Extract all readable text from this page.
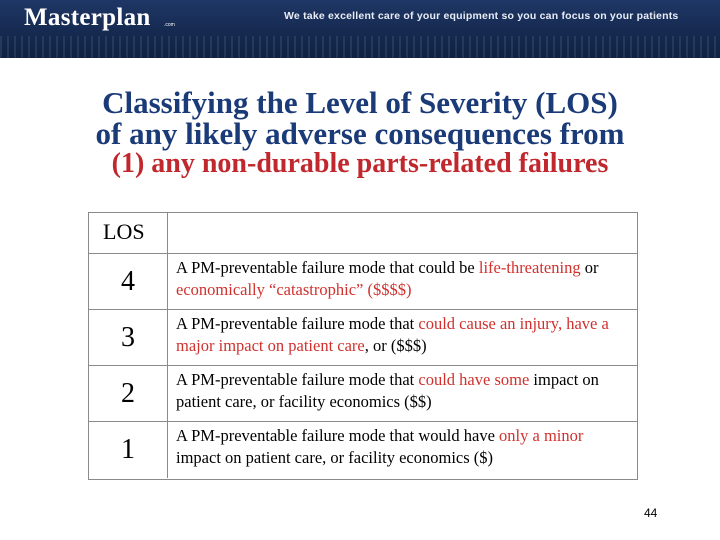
Masterplan	.com
We take excellent care of your equipment so you can focus on your patients
Classifying the Level of Severity (LOS)
of any likely adverse consequences from
(1) any non-durable parts-related failures
LOS
4	A PM-preventable failure mode that could be life-threatening or economically “catastrophic” ($$$$)
3	A PM-preventable failure mode that could cause an injury, have a major impact on patient care, or ($$$)
2	A PM-preventable failure mode that could have some impact on patient care, or facility economics ($$)
1	A PM-preventable failure mode that would have only a minor impact on patient care, or facility economics ($)
44
